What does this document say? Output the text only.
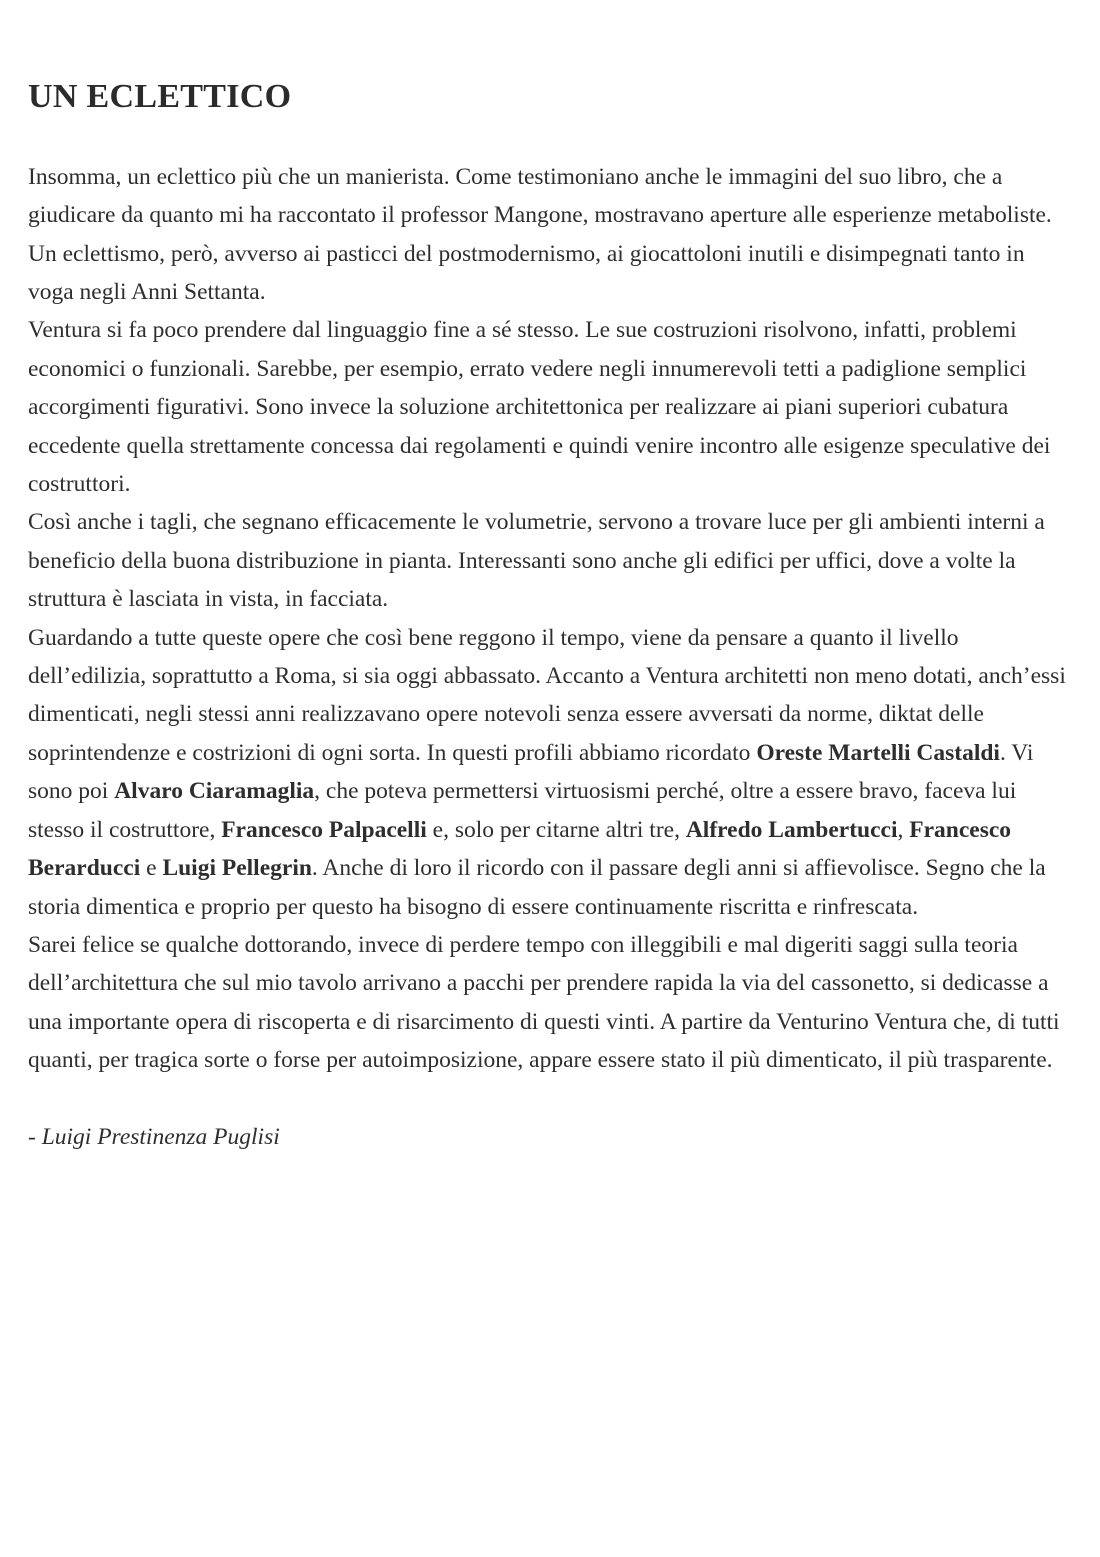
UN ECLETTICO

Insomma, un eclettico più che un manierista. Come testimoniano anche le immagini del suo libro, che a giudicare da quanto mi ha raccontato il professor Mangone, mostravano aperture alle esperienze metaboliste. Un eclettismo, però, avverso ai pasticci del postmodernismo, ai giocattoloni inutili e disimpegnati tanto in voga negli Anni Settanta.

Ventura si fa poco prendere dal linguaggio fine a sé stesso. Le sue costruzioni risolvono, infatti, problemi economici o funzionali. Sarebbe, per esempio, errato vedere negli innumerevoli tetti a padiglione semplici accorgimenti figurativi. Sono invece la soluzione architettonica per realizzare ai piani superiori cubatura eccedente quella strettamente concessa dai regolamenti e quindi venire incontro alle esigenze speculative dei costruttori.

Così anche i tagli, che segnano efficacemente le volumetrie, servono a trovare luce per gli ambienti interni a beneficio della buona distribuzione in pianta. Interessanti sono anche gli edifici per uffici, dove a volte la struttura è lasciata in vista, in facciata.

Guardando a tutte queste opere che così bene reggono il tempo, viene da pensare a quanto il livello dell’edilizia, soprattutto a Roma, si sia oggi abbassato. Accanto a Ventura architetti non meno dotati, anch’essi dimenticati, negli stessi anni realizzavano opere notevoli senza essere avversati da norme, diktat delle soprintendenze e costrizioni di ogni sorta. In questi profili abbiamo ricordato Oreste Martelli Castaldi. Vi sono poi Alvaro Ciaramaglia, che poteva permettersi virtuosismi perché, oltre a essere bravo, faceva lui stesso il costruttore, Francesco Palpacelli e, solo per citarne altri tre, Alfredo Lambertucci, Francesco Berarducci e Luigi Pellegrin. Anche di loro il ricordo con il passare degli anni si affievolisce. Segno che la storia dimentica e proprio per questo ha bisogno di essere continuamente riscritta e rinfrescata.

Sarei felice se qualche dottorando, invece di perdere tempo con illeggibili e mal digeriti saggi sulla teoria dell’architettura che sul mio tavolo arrivano a pacchi per prendere rapida la via del cassonetto, si dedicasse a una importante opera di riscoperta e di risarcimento di questi vinti. A partire da Venturino Ventura che, di tutti quanti, per tragica sorte o forse per autoimposizione, appare essere stato il più dimenticato, il più trasparente.

- Luigi Prestinenza Puglisi
